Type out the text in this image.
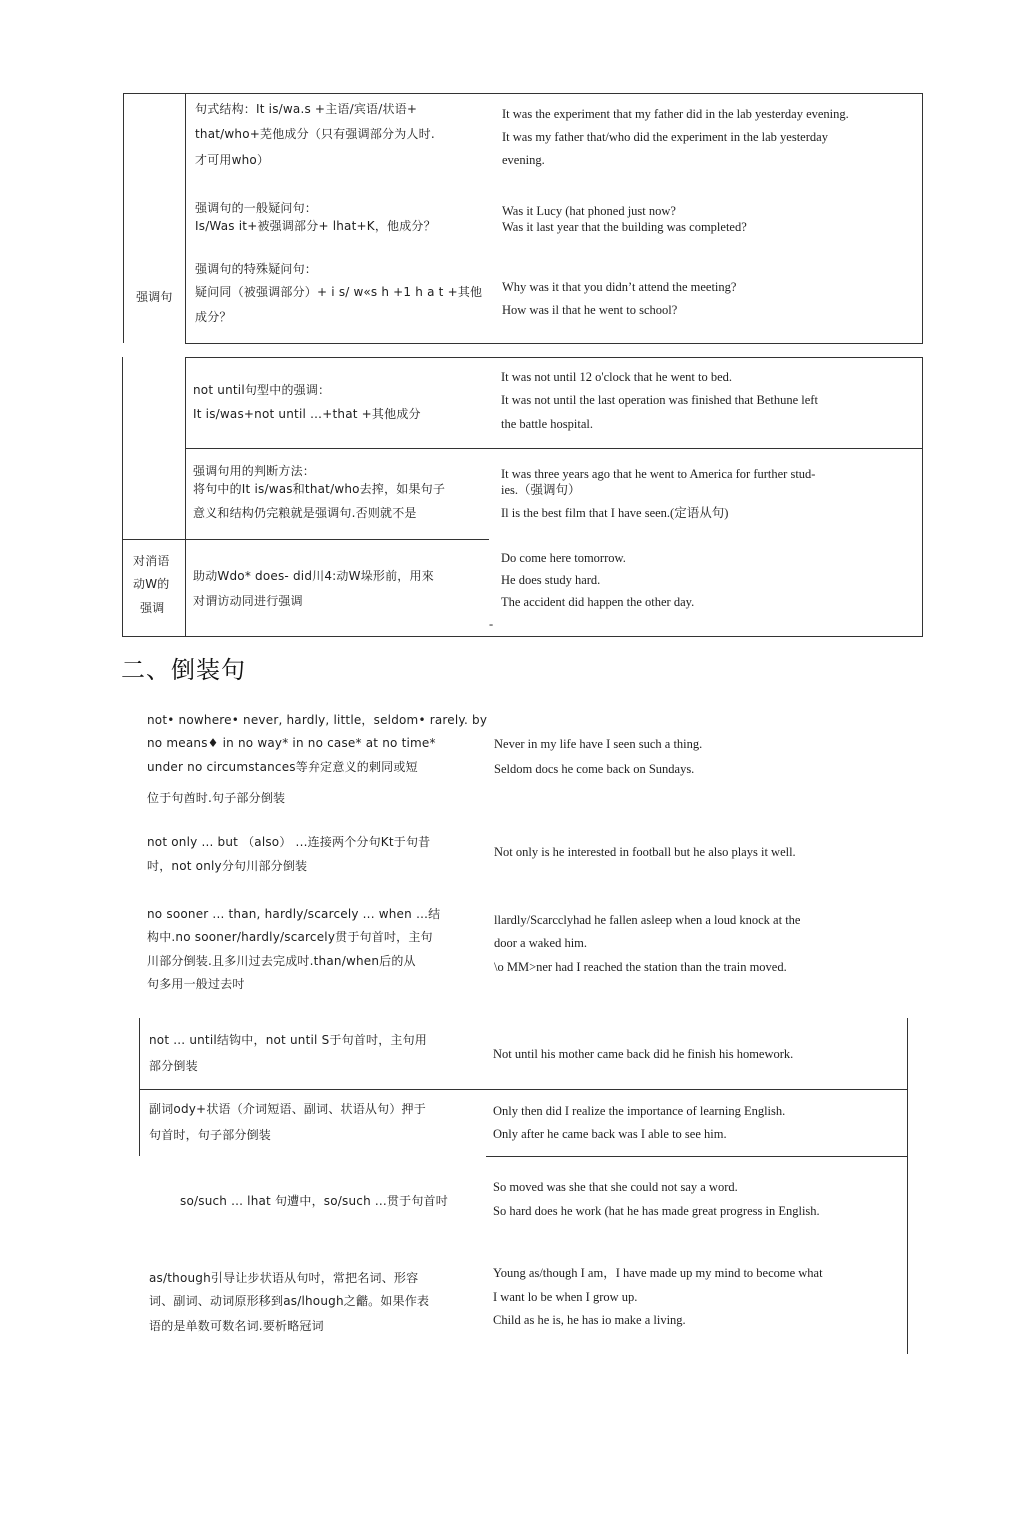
强调句
句式结构：It is/wa.s +主语/宾语/状语+
that/who+芜他成分（只有强调部分为人时.
才可用who）
It was the experiment that my father did in the lab yesterday evening.
It was my father that/who did the experiment in the lab yesterday
evening.
强调句的一般疑问句：
Is/Was it+被强调部分+ lhat+K，他成分？
Was it Lucy (hat phoned just now?
Was it last year that the building was completed?
强调句的特殊疑问句：
疑问同（被强调部分）+ i s/ w«s h +1 h a t +其他
成分？
Why was it that you didn’t attend the meeting?
How was il that he went to school?
not until句型中的强调：
It is/was+not until …+that +其他成分
It was not until 12 o'clock that he went to bed.
It was not until the last operation was finished that Bethune left
the battle hospital.
强调句用的判断方法：
将句中的It is/was和that/who去搾，如果句子
意义和结构仍完粮就是强调句.否则就不是
It was three years ago that he went to America for further stud-
ies.（强调句）
Il is the best film that I have seen.(定语从句)
对消语
动W的
强调
助动Wdo* does- did川4:动W垛形前，用來
对谓访动同进行强调
Do come here tomorrow.
He does study hard.
The accident did happen the other day.
-
二、倒装句
not• nowhere• never, hardly, little，seldom• rarely. by
no means♦ in no way* in no case* at no time*
under no circumstances等弁定意义的剌同或短
位于句酋时.句子部分倒装
Never in my life have I seen such a thing.
Seldom docs he come back on Sundays.
not only ... but （also） ...连接两个分句Kt于句昔
吋，not only分句川部分倒装
Not only is he interested in football but he also plays it well.
no sooner ... than, hardly/scarcely ... when …结
构中.no sooner/hardly/scarcely贯于句首吋，主句
川部分倒装.且多川过去完成吋.than/when后的从
句多用一般过去吋
llardly/Scarcclyhad he fallen asleep when a loud knock at the
door a waked him.
\o MM>ner had I reached the station than the train moved.
not ... until结钩中，not until S于句首吋，主句用
部分倒装
Not until his mother came back did he finish his homework.
副词ody+状语（介词短语、副词、状语从句）押于
句首时，句子部分倒装
Only then did I realize the importance of learning English.
Only after he came back was I able to see him.
so/such ... lhat 句遭中，so/such ...贯于句首吋
So moved was she that she could not say a word.
So hard does he work (hat he has made great progress in English.
as/though引导让步状语从句吋，常把名词、形容
词、副词、动词原形移到as/lhough之龤。如果作表
语的是单数可数名词.要析略冠词
Young as/though I am，I have made up my mind to become what
I want lo be when I grow up.
Child as he is, he has io make a living.
